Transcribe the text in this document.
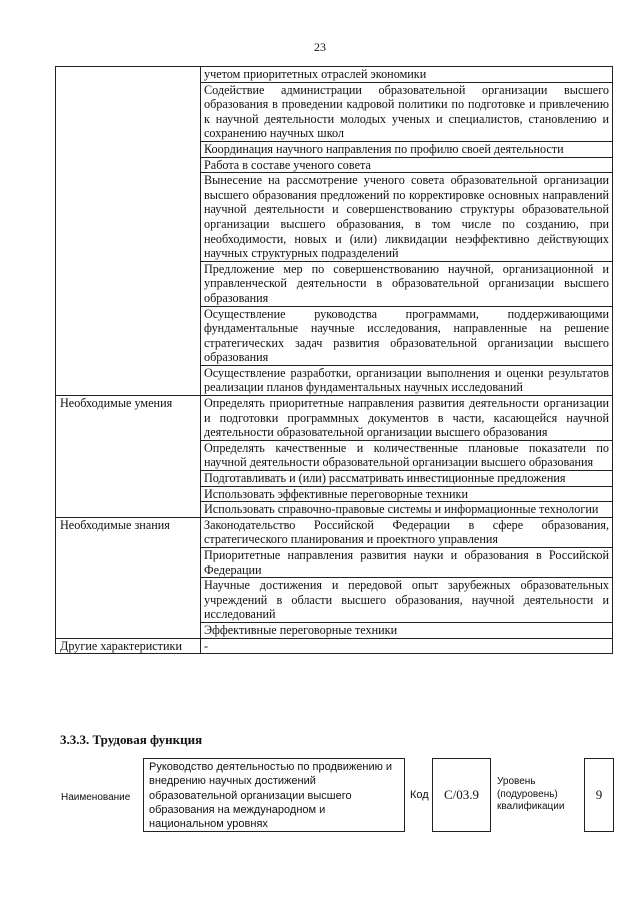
23
	учетом приоритетных отраслей экономики
	Содействие администрации образовательной организации высшего образования в проведении кадровой политики по подготовке и привлечению к научной деятельности молодых ученых и специалистов, становлению и сохранению научных школ
	Координация научного направления по профилю своей деятельности
	Работа в составе ученого совета
	Вынесение на рассмотрение ученого совета образовательной организации высшего образования предложений по корректировке основных направлений научной деятельности и совершенствованию структуры образовательной организации высшего образования, в том числе по созданию, при необходимости, новых и (или) ликвидации неэффективно действующих научных структурных подразделений
	Предложение мер по совершенствованию научной, организационной и управленческой деятельности в образовательной организации высшего образования
	Осуществление руководства программами, поддерживающими фундаментальные научные исследования, направленные на решение стратегических задач развития образовательной организации высшего образования
	Осуществление разработки, организации выполнения и оценки результатов реализации планов фундаментальных научных исследований
Необходимые умения	Определять приоритетные направления развития деятельности организации и подготовки программных документов в части, касающейся научной деятельности образовательной организации высшего образования
	Определять качественные и количественные плановые показатели по научной деятельности образовательной организации высшего образования
	Подготавливать и (или) рассматривать инвестиционные предложения
	Использовать эффективные переговорные техники
	Использовать справочно-правовые системы и информационные технологии
Необходимые знания	Законодательство Российской Федерации в сфере образования, стратегического планирования и проектного управления
	Приоритетные направления развития науки и образования в Российской Федерации
	Научные достижения и передовой опыт зарубежных образовательных учреждений в области высшего образования, научной деятельности и исследований
	Эффективные переговорные техники
Другие характеристики	-
3.3.3. Трудовая функция
Наименование
Руководство деятельностью по продвижению и внедрению научных достижений образовательной организации высшего образования на международном и национальном уровнях
Код	C/03.9
Уровень (подуровень) квалификации
9
